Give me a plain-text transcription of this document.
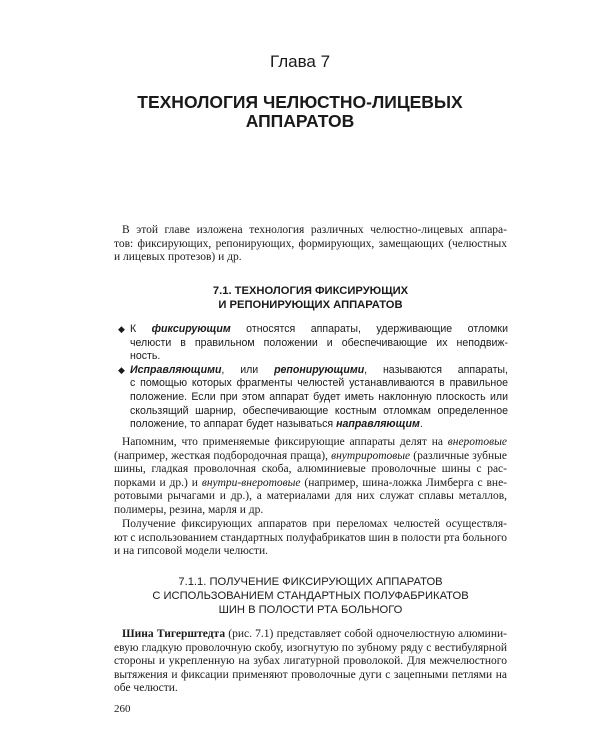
Глава 7
ТЕХНОЛОГИЯ ЧЕЛЮСТНО-ЛИЦЕВЫХ
АППАРАТОВ
В этой главе изложена технология различных челюстно-лицевых аппара-
тов: фиксирующих, репонирующих, формирующих, замещающих (челюстных
и лицевых протезов) и др.
7.1. ТЕХНОЛОГИЯ ФИКСИРУЮЩИХ
И РЕПОНИРУЮЩИХ АППАРАТОВ
◆ К фиксирующим относятся аппараты, удерживающие отломки
челюсти в правильном положении и обеспечивающие их неподвиж-
ность.
◆ Исправляющими, или репонирующими, называются аппараты,
с помощью которых фрагменты челюстей устанавливаются в правильное
положение. Если при этом аппарат будет иметь наклонную плоскость или
скользящий шарнир, обеспечивающие костным отломкам определенное
положение, то аппарат будет называться направляющим.
Напомним, что применяемые фиксирующие аппараты делят на внеротовые
(например, жесткая подбородочная праща), внутриротовые (различные зубные
шины, гладкая проволочная скоба, алюминиевые проволочные шины с рас-
порками и др.) и внутри-внеротовые (например, шина-ложка Лимберга с вне-
ротовыми рычагами и др.), а материалами для них служат сплавы металлов,
полимеры, резина, марля и др.
Получение фиксирующих аппаратов при переломах челюстей осуществля-
ют с использованием стандартных полуфабрикатов шин в полости рта больного
и на гипсовой модели челюсти.
7.1.1. ПОЛУЧЕНИЕ ФИКСИРУЮЩИХ АППАРАТОВ
С ИСПОЛЬЗОВАНИЕМ СТАНДАРТНЫХ ПОЛУФАБРИКАТОВ
ШИН В ПОЛОСТИ РТА БОЛЬНОГО
Шина Тигерштедта (рис. 7.1) представляет собой одночелюстную алюмини-
евую гладкую проволочную скобу, изогнутую по зубному ряду с вестибулярной
стороны и укрепленную на зубах лигатурной проволокой. Для межчелюстного
вытяжения и фиксации применяют проволочные дуги с зацепными петлями на
обе челюсти.
260
